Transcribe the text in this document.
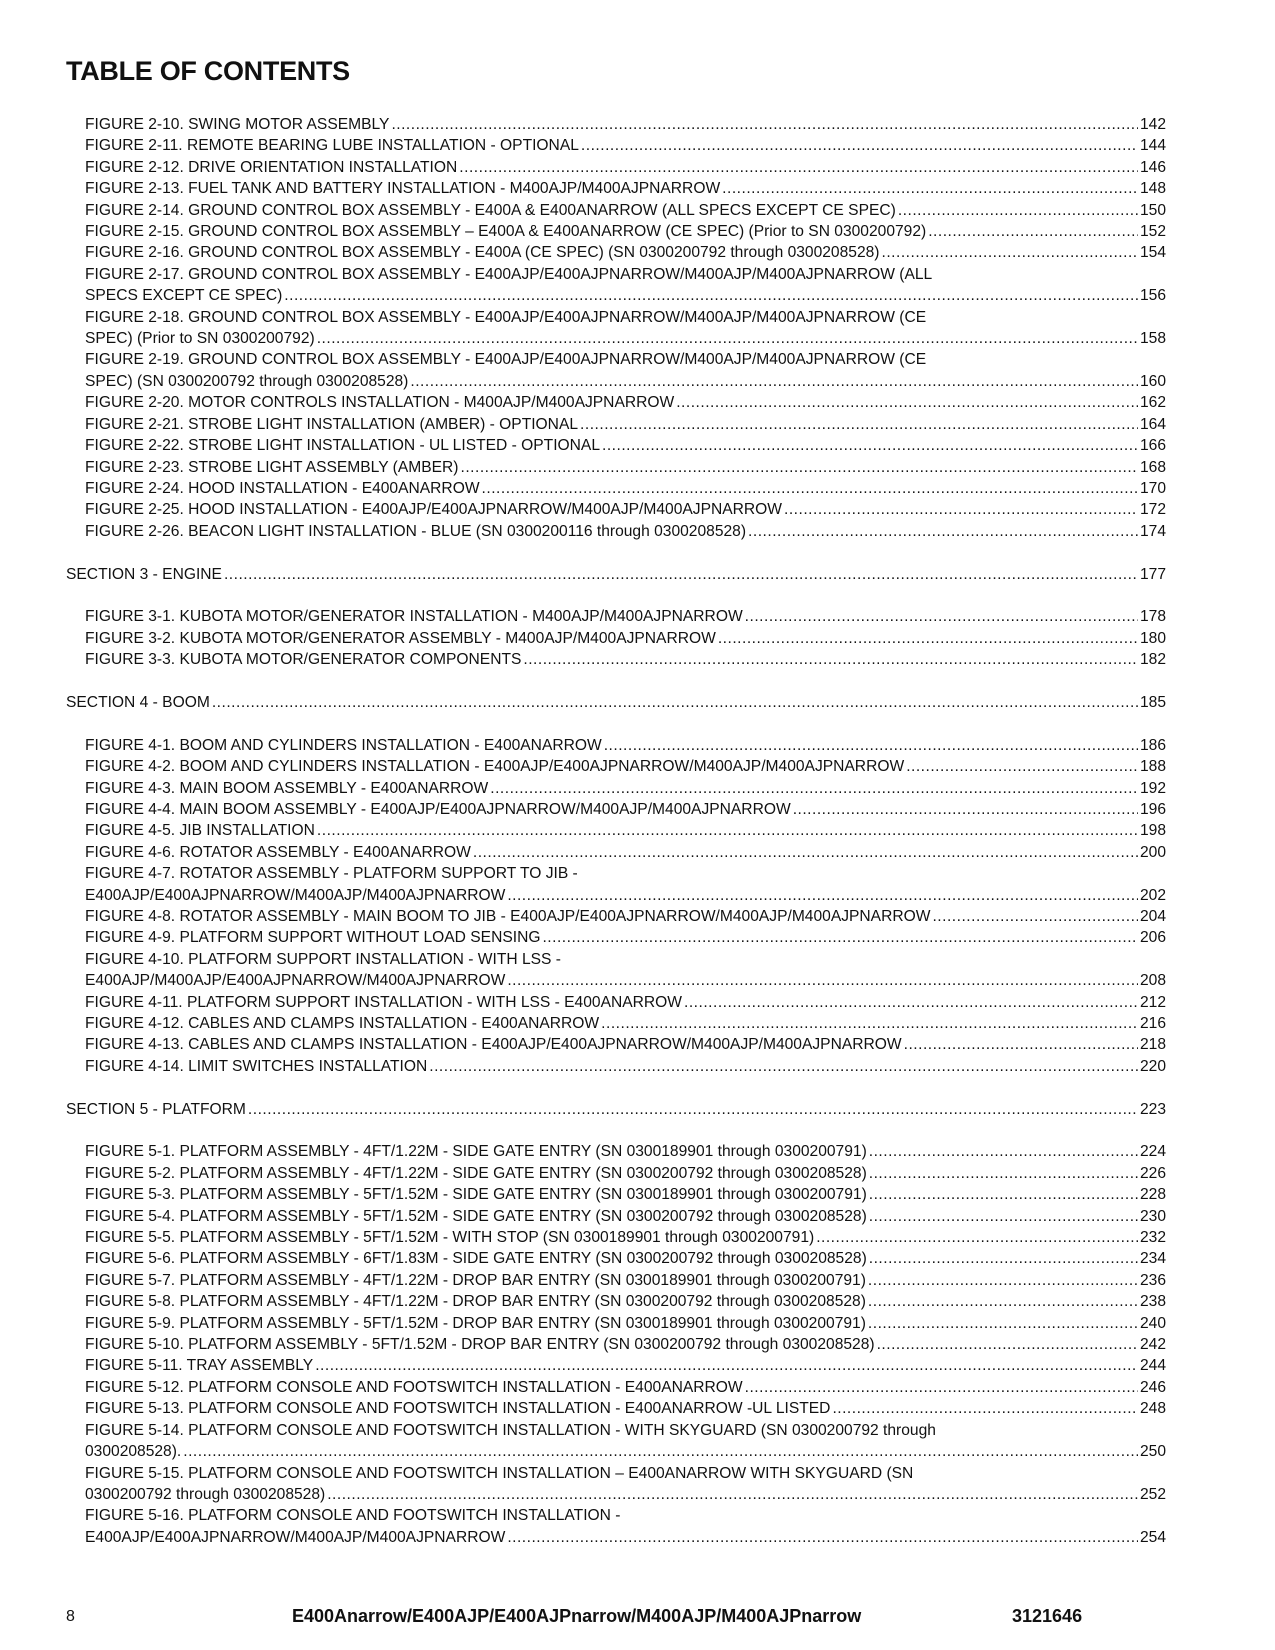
TABLE OF CONTENTS
FIGURE 2-10. SWING MOTOR ASSEMBLY .....	142
FIGURE 2-11. REMOTE BEARING LUBE INSTALLATION - OPTIONAL .....	144
FIGURE 2-12. DRIVE ORIENTATION INSTALLATION .....	146
FIGURE 2-13. FUEL TANK AND BATTERY INSTALLATION - M400AJP/M400AJPNARROW .....	148
FIGURE 2-14. GROUND CONTROL BOX ASSEMBLY - E400A & E400ANARROW (ALL SPECS EXCEPT CE SPEC) .....	150
FIGURE 2-15. GROUND CONTROL BOX ASSEMBLY – E400A & E400ANARROW (CE SPEC) (Prior to SN 0300200792) .....	152
FIGURE 2-16. GROUND CONTROL BOX ASSEMBLY - E400A (CE SPEC) (SN 0300200792 through 0300208528) .....	154
FIGURE 2-17. GROUND CONTROL BOX ASSEMBLY - E400AJP/E400AJPNARROW/M400AJP/M400AJPNARROW (ALL
SPECS EXCEPT CE SPEC) .....	156
FIGURE 2-18. GROUND CONTROL BOX ASSEMBLY - E400AJP/E400AJPNARROW/M400AJP/M400AJPNARROW (CE
SPEC) (Prior to SN 0300200792) .....	158
FIGURE 2-19. GROUND CONTROL BOX ASSEMBLY - E400AJP/E400AJPNARROW/M400AJP/M400AJPNARROW (CE
SPEC) (SN 0300200792 through 0300208528) .....	160
FIGURE 2-20. MOTOR CONTROLS INSTALLATION - M400AJP/M400AJPNARROW .....	162
FIGURE 2-21. STROBE LIGHT INSTALLATION (AMBER) - OPTIONAL .....	164
FIGURE 2-22. STROBE LIGHT INSTALLATION - UL LISTED - OPTIONAL .....	166
FIGURE 2-23. STROBE LIGHT ASSEMBLY (AMBER) .....	168
FIGURE 2-24. HOOD INSTALLATION - E400ANARROW .....	170
FIGURE 2-25. HOOD INSTALLATION - E400AJP/E400AJPNARROW/M400AJP/M400AJPNARROW .....	172
FIGURE 2-26. BEACON LIGHT INSTALLATION - BLUE (SN 0300200116 through 0300208528) .....	174
SECTION 3 - ENGINE .....	177
FIGURE 3-1. KUBOTA MOTOR/GENERATOR INSTALLATION - M400AJP/M400AJPNARROW .....	178
FIGURE 3-2. KUBOTA MOTOR/GENERATOR ASSEMBLY - M400AJP/M400AJPNARROW .....	180
FIGURE 3-3. KUBOTA MOTOR/GENERATOR COMPONENTS .....	182
SECTION 4 - BOOM .....	185
FIGURE 4-1. BOOM AND CYLINDERS INSTALLATION - E400ANARROW .....	186
FIGURE 4-2. BOOM AND CYLINDERS INSTALLATION - E400AJP/E400AJPNARROW/M400AJP/M400AJPNARROW .....	188
FIGURE 4-3. MAIN BOOM ASSEMBLY - E400ANARROW .....	192
FIGURE 4-4. MAIN BOOM ASSEMBLY - E400AJP/E400AJPNARROW/M400AJP/M400AJPNARROW .....	196
FIGURE 4-5. JIB INSTALLATION .....	198
FIGURE 4-6. ROTATOR ASSEMBLY - E400ANARROW .....	200
FIGURE 4-7. ROTATOR ASSEMBLY - PLATFORM SUPPORT TO JIB -
E400AJP/E400AJPNARROW/M400AJP/M400AJPNARROW .....	202
FIGURE 4-8. ROTATOR ASSEMBLY - MAIN BOOM TO JIB - E400AJP/E400AJPNARROW/M400AJP/M400AJPNARROW .....	204
FIGURE 4-9. PLATFORM SUPPORT WITHOUT LOAD SENSING .....	206
FIGURE 4-10. PLATFORM SUPPORT INSTALLATION - WITH LSS -
E400AJP/M400AJP/E400AJPNARROW/M400AJPNARROW .....	208
FIGURE 4-11. PLATFORM SUPPORT INSTALLATION - WITH LSS - E400ANARROW .....	212
FIGURE 4-12. CABLES AND CLAMPS INSTALLATION - E400ANARROW .....	216
FIGURE 4-13. CABLES AND CLAMPS INSTALLATION - E400AJP/E400AJPNARROW/M400AJP/M400AJPNARROW .....	218
FIGURE 4-14. LIMIT SWITCHES INSTALLATION .....	220
SECTION 5 - PLATFORM .....	223
FIGURE 5-1. PLATFORM ASSEMBLY - 4FT/1.22M - SIDE GATE ENTRY (SN 0300189901 through 0300200791) .....	224
FIGURE 5-2. PLATFORM ASSEMBLY - 4FT/1.22M - SIDE GATE ENTRY (SN 0300200792 through 0300208528) .....	226
FIGURE 5-3. PLATFORM ASSEMBLY - 5FT/1.52M - SIDE GATE ENTRY (SN 0300189901 through 0300200791) .....	228
FIGURE 5-4. PLATFORM ASSEMBLY - 5FT/1.52M - SIDE GATE ENTRY (SN 0300200792 through 0300208528) .....	230
FIGURE 5-5. PLATFORM ASSEMBLY - 5FT/1.52M - WITH STOP (SN 0300189901 through 0300200791) .....	232
FIGURE 5-6. PLATFORM ASSEMBLY - 6FT/1.83M - SIDE GATE ENTRY (SN 0300200792 through 0300208528) .....	234
FIGURE 5-7. PLATFORM ASSEMBLY - 4FT/1.22M - DROP BAR ENTRY (SN 0300189901 through 0300200791) .....	236
FIGURE 5-8. PLATFORM ASSEMBLY - 4FT/1.22M - DROP BAR ENTRY (SN 0300200792 through 0300208528) .....	238
FIGURE 5-9. PLATFORM ASSEMBLY - 5FT/1.52M - DROP BAR ENTRY (SN 0300189901 through 0300200791) .....	240
FIGURE 5-10. PLATFORM ASSEMBLY - 5FT/1.52M - DROP BAR ENTRY (SN 0300200792 through 0300208528) .....	242
FIGURE 5-11. TRAY ASSEMBLY .....	244
FIGURE 5-12. PLATFORM CONSOLE AND FOOTSWITCH INSTALLATION - E400ANARROW .....	246
FIGURE 5-13. PLATFORM CONSOLE AND FOOTSWITCH INSTALLATION - E400ANARROW -UL LISTED .....	248
FIGURE 5-14. PLATFORM CONSOLE AND FOOTSWITCH INSTALLATION - WITH SKYGUARD (SN 0300200792 through
0300208528). .....	250
FIGURE 5-15. PLATFORM CONSOLE AND FOOTSWITCH INSTALLATION – E400ANARROW WITH SKYGUARD (SN
0300200792 through 0300208528) .....	252
FIGURE 5-16. PLATFORM CONSOLE AND FOOTSWITCH INSTALLATION -
E400AJP/E400AJPNARROW/M400AJP/M400AJPNARROW .....	254
8	E400Anarrow/E400AJP/E400AJPnarrow/M400AJP/M400AJPnarrow	3121646
